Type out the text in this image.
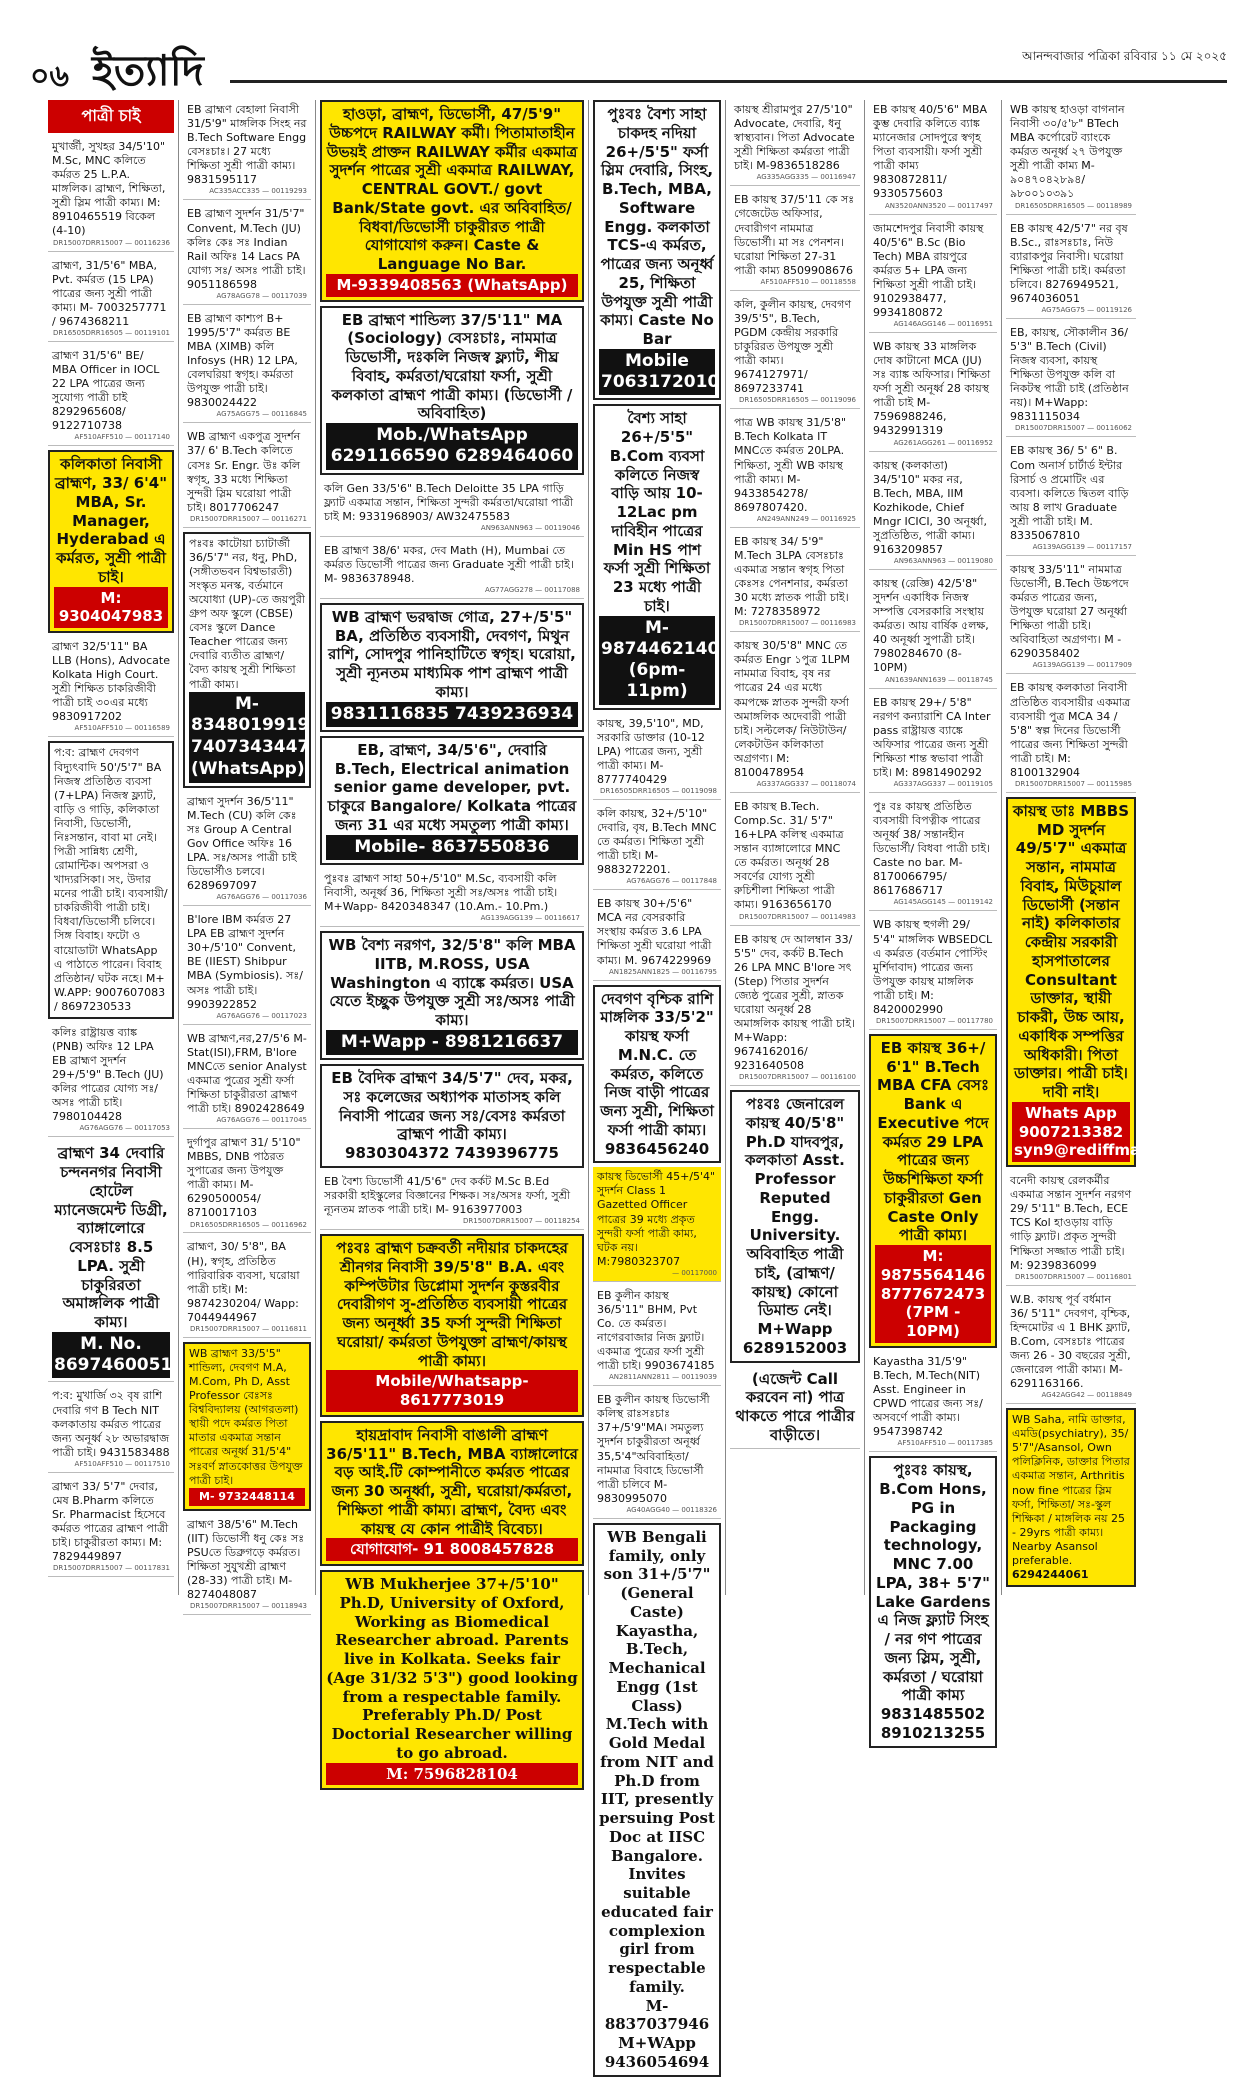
০৬ ইত্যাদি	আনন্দবাজার পত্রিকা রবিবার ১১ মে ২০২৫
পাত্রী চাই
মুখার্জী, সুখহর 34/5'10" M.Sc, MNC কলিতে কর্মরত 25 L.P.A. মাঙ্গলিক। ব্রাহ্মণ, শিক্ষিতা, সুশ্রী স্লিম পাত্রী কাম্য। M: 8910465519 বিকেল (4-10)
DR15007DRR15007 — 00116236
ব্রাহ্মণ, 31/5'6" MBA, Pvt. কর্মরত (15 LPA) পাত্রের জন্য সুশ্রী পাত্রী কাম্য। M- 7003257771 / 9674368211
DR16505DRR16505 — 00119101
ব্রাহ্মণ 31/5'6" BE/ MBA Officer in IOCL 22 LPA পাত্রের জন্য সুযোগ্য পাত্রী চাই 8292965608/ 9122710738
AF510AFF510 — 00117140
কলিকাতা নিবাসী ব্রাহ্মণ, 33/ 6'4" MBA, Sr. Manager, Hyderabad এ কর্মরত, সুশ্রী পাত্রী চাই।
M: 9304047983
ব্রাহ্মণ 32/5'11" BA LLB (Hons), Advocate Kolkata High Court. সুশ্রী শিক্ষিত চাকরিজীবী পাত্রী চাই ৩০এর মধ্যে 9830917202
AF510AFF510 — 00116589
প:ব: ব্রাহ্মণ দেবগণ বিদ্যুৎবাদি 50'/5'7" BA নিজস্ব প্রতিষ্ঠিত ব্যবসা (7+LPA) নিজস্ব ফ্ল্যাট, বাড়ি ও গাড়ি, কলিকাতা নিবাসী, ডিভোর্সী, নিঃসন্তান, বাবা মা নেই। পিত্রী সান্নিধ্য শ্রেণী, রোমান্টিক। অপসরা ও খাদ্যরসিকা। সং, উদার মনের পাত্রী চাই। ব্যবসায়ী/ চাকরিজীবী পাত্রী চাই। বিধবা/ডিভোর্সী চলিবে। সিঙ্গ বিবাহ। ফটো ও বায়োডাটা WhatsApp এ পাঠাতে পারেন। বিবাহ প্রতিষ্ঠান/ ঘটক নহে। M+ W.APP: 9007607083 / 8697230533
কলিঃ রাষ্ট্রায়ত্ত ব্যাঙ্ক (PNB) অফিঃ 12 LPA EB ব্রাহ্মণ সুদর্শন 29+/5'9" B.Tech (JU) কলির পাত্রের যোগ্য সঃ/অসঃ পাত্রী চাই। 7980104428
AG76AGG76 — 00117053
ব্রাহ্মণ 34 দেবারি চন্দননগর নিবাসী হোটেল ম্যানেজমেন্ট ডিগ্রী, ব্যাঙ্গালোরে বেসঃচাঃ 8.5 LPA. সুশ্রী চাকুরিরতা অমাঙ্গলিক পাত্রী কাম্য।
M. No. 8697460051
প:ব: মুখার্জি ৩২ বৃষ রাশি দেবারি গণ B Tech NIT কলকাতায় কর্মরত পাত্রের জন্য অনূর্ধ্ব ২৮ অভারদ্বাজ পাত্রী চাই। 9431583488
AF510AFF510 — 00117510
ব্রাহ্মণ 33/ 5'7" দেবার, মেষ B.Pharm কলিতে Sr. Pharmacist হিসেবে কর্মরত পাত্রের ব্রাহ্মণ পাত্রী চাই। চাকুরীরতা কাম্য। M: 7829449897
DR15007DRR15007 — 00117831
EB ব্রাহ্মণ বেহালা নিবাসী 31/5'9" মাঙ্গলিক সিংহ নর B.Tech Software Engg বেসঃচাঃ। 27 মধ্যে শিক্ষিতা সুশ্রী পাত্রী কাম্য। 9831595117
AC335ACC335 — 00119293
EB ব্রাহ্মণ সুদর্শন 31/5'7" Convent, M.Tech (JU) কলিঃ কেঃ সঃ Indian Rail অফিঃ 14 Lacs PA যোগ্য সঃ/ অসঃ পাত্রী চাই। 9051186598
AG78AGG78 — 00117039
EB ব্রাহ্মণ কাশ্যপ B+ 1995/5'7" কর্মরত BE MBA (XIMB) কলি Infosys (HR) 12 LPA, বেলঘরিয়া স্বগৃহ। কর্মরতা উপযুক্ত পাত্রী চাই। 9830024422
AG75AGG75 — 00116845
WB ব্রাহ্মণ একপুত্র সুদর্শন 37/ 6' B.Tech কলিতে বেসঃ Sr. Engr. উঃ কলি স্বগৃহ, 33 মধ্যে শিক্ষিতা সুন্দরী স্লিম ঘরোয়া পাত্রী চাই। 8017706247
DR15007DRR15007 — 00116271
পঃবঃ কাটোয়া চ্যাটার্জী 36/5'7" নর, ধনু, PhD, (সঙ্গীতভবন বিশ্বভারতী) সংস্কৃত মনস্ক, বর্তমানে অযোধ্যা (UP)-তে জয়পুরী গ্রুপ অফ স্কুলে (CBSE) বেসঃ স্কুলে Dance Teacher পাত্রের জন্য দেবারি ব্যতীত ব্রাহ্মণ/ বৈদ্য কায়স্থ সুশ্রী শিক্ষিতা পাত্রী কাম্য।
M-8348019919 7407343447 (WhatsApp)
ব্রাহ্মণ সুদর্শন 36/5'11" M.Tech (CU) কলি কেঃ সঃ Group A Central Gov Office অফিঃ 16 LPA. সঃ/অসঃ পাত্রী চাই ডিভোর্সীও চলবে। 6289697097
AG76AGG76 — 00117036
B'lore IBM কর্মরত 27 LPA EB ব্রাহ্মণ সুদর্শন 30+/5'10" Convent, BE (IIEST) Shibpur MBA (Symbiosis). সঃ/অসঃ পাত্রী চাই। 9903922852
AG76AGG76 — 00117023
WB ব্রাহ্মণ,নর,27/5'6 M-Stat(ISI),FRM, B'lore MNCতে senior Analyst একমাত্র পুত্রের সুশ্রী ফর্সা শিক্ষিতা চাকুরীরতা ব্রাহ্মণ পাত্রী চাই। 8902428649
AG76AGG76 — 00117045
দুর্গাপুর ব্রাহ্মণ 31/ 5'10" MBBS, DNB পাঠরত সুপাত্রের জন্য উপযুক্ত পাত্রী কাম্য। M- 6290500054/ 8710017103
DR16505DRR16505 — 00116962
ব্রাহ্মণ, 30/ 5'8", BA (H), স্বগৃহ, প্রতিষ্ঠিত পারিবারিক ব্যবসা, ঘরোয়া পাত্রী চাই। M: 9874230204/ Wapp: 7044944967
DR15007DRR15007 — 00116811
WB ব্রাহ্মণ 33/5'5" শান্ডিল্য, দেবগণ M.A, M.Com, Ph D, Asst Professor বেঃসঃ বিশ্ববিদ্যালয় (আগরতলা) স্থায়ী পদে কর্মরত পিতা মাতার একমাত্র সন্তান পাত্রের অনূর্ধ্ব 31/5'4" সঃবর্ণ স্নাতকোত্তর উপযুক্ত পাত্রী চাই।
M- 9732448114
ব্রাহ্মণ 38/5'6" M.Tech (IIT) ডিভোর্সী ধনু কেঃ সঃ PSUতে ডিব্রুগড়ে কর্মরত। শিক্ষিতা সুযুখশ্রী ব্রাহ্মণ (28-33) পাত্রী চাই। M- 8274048087
DR15007DRR15007 — 00118943
হাওড়া, ব্রাহ্মণ, ডিভোর্সী, 47/5'9" উচ্চপদে RAILWAY কর্মী। পিতামাতাহীন উভয়ই প্রাক্তন RAILWAY কর্মীর একমাত্র সুদর্শন পাত্রের সুশ্রী একমাত্র RAILWAY, CENTRAL GOVT./ govt Bank/State govt. এর অবিবাহিত/বিধবা/ডিভোর্সী চাকুরীরত পাত্রী যোগাযোগ করুন। Caste & Language No Bar.
M-9339408563 (WhatsApp)
EB ব্রাহ্মণ শান্ডিল্য 37/5'11" MA (Sociology) বেসঃচাঃ, নামমাত্র ডিভোর্সী, দঃকলি নিজস্ব ফ্ল্যাট, শীঘ্র বিবাহ, কর্মরতা/ঘরোয়া ফর্সা, সুশ্রী কলকাতা ব্রাহ্মণ পাত্রী কাম্য। (ডিভোর্সী / অবিবাহিত)
Mob./WhatsApp 6291166590 6289464060
কলি Gen 33/5'6" B.Tech Deloitte 35 LPA গাড়ি ফ্ল্যাট একমাত্র সন্তান, শিক্ষিতা সুন্দরী কর্মরতা/ঘরোয়া পাত্রী চাই M: 9331968903/ AW32475583
AN963ANN963 — 00119046
EB ব্রাহ্মণ 38/6' মকর, দেব Math (H), Mumbai তে কর্মরত ডিভোর্সী পাত্রের জন্য Graduate সুশ্রী পাত্রী চাই। M- 9836378948.
AG77AGG278 — 00117088
WB ব্রাহ্মণ ভরদ্বাজ গোত্র, 27+/5'5" BA, প্রতিষ্ঠিত ব্যবসায়ী, দেবগণ, মিথুন রাশি, সোদপুর পানিহাটিতে স্বগৃহ। ঘরোয়া, সুশ্রী ন্যূনতম মাধ্যমিক পাশ ব্রাহ্মণ পাত্রী কাম্য।
9831116835 7439236934
EB, ব্রাহ্মণ, 34/5'6", দেবারি B.Tech, Electrical animation senior game developer, pvt. চাকুরে Bangalore/ Kolkata পাত্রের জন্য 31 এর মধ্যে সমতুল্য পাত্রী কাম্য।
Mobile- 8637550836
পুঃবঃ ব্রাহ্মণ সাহা 50+/5'10" M.Sc, ব্যবসায়ী কলি নিবাসী, অনূর্ধ্ব 36, শিক্ষিতা সুশ্রী সঃ/অসঃ পাত্রী চাই। M+Wapp- 8420348347 (10.Am.- 10.Pm.)
AG139AGG139 — 00116617
WB বৈশ্য নরগণ, 32/5'8" কলি MBA IITB, M.ROSS, USA Washington এ ব্যাঙ্কে কর্মরত। USA যেতে ইচ্ছুক উপযুক্ত সুশ্রী সঃ/অসঃ পাত্রী কাম্য।
M+Wapp - 8981216637
EB বৈদিক ব্রাহ্মণ 34/5'7" দেব, মকর, সঃ কলেজের অধ্যাপক মাতাসহ কলি নিবাসী পাত্রের জন্য সঃ/বেসঃ কর্মরতা ব্রাহ্মণ পাত্রী কাম্য।
9830304372 7439396775
EB বৈশ্য ডিভোর্সী 41/5'6" দেব কর্কট M.Sc B.Ed সরকারী হাইস্কুলের বিজ্ঞানের শিক্ষক। সঃ/অসঃ ফর্সা, সুশ্রী ন্যূনতম স্নাতক পাত্রী চাই। M- 9163977003
DR15007DRR15007 — 00118254
পঃবঃ ব্রাহ্মণ চক্রবর্তী নদীয়ার চাকদহের শ্রীনগর নিবাসী 39/5'8" B.A. এবং কম্পিউটার ডিপ্লোমা সুদর্শন কুস্তরবীর দেবারীগণ সু-প্রতিষ্ঠিত ব্যবসায়ী পাত্রের জন্য অনূর্ধ্বা 35 ফর্সা সুন্দরী শিক্ষিতা ঘরোয়া/ কর্মরতা উপযুক্তা ব্রাহ্মণ/কায়স্থ পাত্রী কাম্য।
Mobile/Whatsapp-8617773019
হায়দ্রাবাদ নিবাসী বাঙালী ব্রাহ্মণ 36/5'11" B.Tech, MBA ব্যাঙ্গালোরে বড় আই.টি কোম্পানীতে কর্মরত পাত্রের জন্য 30 অনূর্ধ্বা, সুশ্রী, ঘরোয়া/কর্মরতা, শিক্ষিতা পাত্রী কাম্য। ব্রাহ্মণ, বৈদ্য এবং কায়স্থ যে কোন পাত্রীই বিবেচ্য।
যোগাযোগ- 91 8008457828
WB Mukherjee 37+/5'10" Ph.D, University of Oxford, Working as Biomedical Researcher abroad. Parents live in Kolkata. Seeks fair (Age 31/32 5'3") good looking from a respectable family. Preferably Ph.D/ Post Doctorial Researcher willing to go abroad.
M: 7596828104
পুঃবঃ বৈশ্য সাহা চাকদহ নদিয়া 26+/5'5" ফর্সা স্লিম দেবারি, সিংহ, B.Tech, MBA, Software Engg. কলকাতা TCS-এ কর্মরত, পাত্রের জন্য অনূর্ধ্ব 25, শিক্ষিতা উপযুক্ত সুশ্রী পাত্রী কাম্য। Caste No Bar
Mobile 7063172010
বৈশ্য সাহা 26+/5'5" B.Com ব্যবসা কলিতে নিজস্ব বাড়ি আয় 10-12Lac pm দাবিহীন পাত্রের Min HS পাশ ফর্সা সুশ্রী শিক্ষিতা 23 মধ্যে পাত্রী চাই।
M-9874462140 (6pm-11pm)
কায়স্থ, 39,5'10", MD, সরকারি ডাক্তার (10-12 LPA) পাত্রের জন্য, সুশ্রী পাত্রী কাম্য। M- 8777740429
DR16505DRR16505 — 00119098
কলি কায়স্থ, 32+/5'10" দেবারি, বৃষ, B.Tech MNC তে কর্মরত। শিক্ষিতা সুশ্রী পাত্রী চাই। M- 9883272201.
AG76AGG76 — 00117848
EB কায়স্থ 30+/5'6" MCA নর বেসরকারি সংস্থায় কর্মরত 3.6 LPA শিক্ষিতা সুশ্রী ঘরোয়া পাত্রী কাম্য। M. 9674229969
AN1825ANN1825 — 00116795
দেবগণ বৃশ্চিক রাশি মাঙ্গলিক 33/5'2" কায়স্থ ফর্সা M.N.C. তে কর্মরত, কলিতে নিজ বাড়ী পাত্রের জন্য সুশ্রী, শিক্ষিতা ফর্সা পাত্রী কাম্য।
9836456240
কায়স্থ ডিভোর্সী 45+/5'4" সুদর্শন Class 1 Gazetted Officer পাত্রের 39 মধ্যে প্রকৃত সুন্দরী ফর্সা পাত্রী কাম্য, ঘটক নয়। M:7980323707
— 00117000
EB কুলীন কায়স্থ 36/5'11" BHM, Pvt Co. তে কর্মরত। নাগেরবাজার নিজ ফ্ল্যাট। একমাত্র পুত্রের ফর্সা সুশ্রী পাত্রী চাই। 9903674185
AN2811ANN2811 — 00119039
EB কুলীন কায়স্থ ডিভোর্সী কলিস্থ রাঃসঃচাঃ 37+/5'9"MA। সমতুল্য সুদর্শন চাকুরীরতা অনূর্ধ্ব 35,5'4"অবিবাহিতা/ নামমাত্র বিবাহে ডিভোর্সী পাত্রী চলিবে M-9830995070
AG40AGG40 — 00118326
WB Bengali family, only son 31+/5'7" (General Caste) Kayastha, B.Tech, Mechanical Engg (1st Class) M.Tech with Gold Medal from NIT and Ph.D from IIT, presently persuing Post Doc at IISC Bangalore. Invites suitable educated fair complexion girl from respectable family.
M- 8837037946 M+WApp 9436054694
কায়স্থ শ্রীরামপুর 27/5'10" Advocate, দেবারি, ধনু স্বাস্থ্যবান। পিতা Advocate সুশ্রী শিক্ষিতা কর্মরতা পাত্রী চাই। M-9836518286
AG335AGG335 — 00116947
EB কায়স্থ 37/5'11 কে সঃ গেজেটেড অফিসার, দেবারীগণ নামমাত্র ডিভোর্সী। মা সঃ পেনশন। ঘরোয়া শিক্ষিতা 27-31 পাত্রী কাম্য 8509908676
AF510AFF510 — 00118558
কলি, কুলীন কায়স্থ, দেবগণ 39/5'5", B.Tech, PGDM কেন্দ্রীয় সরকারি চাকুরিরত উপযুক্ত সুশ্রী পাত্রী কাম্য। 9674127971/ 8697233741
DR16505DRR16505 — 00119096
পাত্র WB কায়স্থ 31/5'8" B.Tech Kolkata IT MNCতে কর্মরত 20LPA. শিক্ষিতা, সুশ্রী WB কায়স্থ পাত্রী কাম্য। M-9433854278/ 8697807420.
AN249ANN249 — 00116925
EB কায়স্থ 34/ 5'9" M.Tech 3LPA বেসঃচাঃ একমাত্র সন্তান স্বগৃহ পিতা কেঃসঃ পেনশনার, কর্মরতা 30 মধ্যে স্নাতক পাত্রী চাই। M: 7278358972
DR15007DRR15007 — 00116983
কায়স্থ 30/5'8" MNC তে কর্মরত Engr ১পুত্র 1LPM নামমাত্র বিবাহ, বৃষ নর পাত্রের 24 এর মধ্যে কমপক্ষে স্নাতক সুন্দরী ফর্সা অমাঙ্গলিক অদেবারী পাত্রী চাই। সল্টলেক/ নিউটাউন/ লেকটাউন কলিকাতা অগ্রগণ্য। M: 8100478954
AG337AGG337 — 00118074
EB কায়স্থ B.Tech. Comp.Sc. 31/ 5'7" 16+LPA কলিস্থ একমাত্র সন্তান ব্যাঙ্গালোরে MNC তে কর্মরত। অনূর্ধ্ব 28 সবর্ণের যোগ্য সুশ্রী রুচিশীলা শিক্ষিতা পাত্রী কাম্য। 9163656170
DR15007DRR15007 — 00114983
EB কায়স্থ দে আলম্বান 33/ 5'5" দেব, কর্কট B.Tech 26 LPA MNC B'lore সৎ (Step) পিতার সুদর্শন জ্যেষ্ঠ পুত্রের সুশ্রী, স্নাতক ঘরোয়া অনূর্ধ্ব 28 অমাঙ্গলিক কায়স্থ পাত্রী চাই। M+Wapp: 9674162016/ 9231640508
DR15007DRR15007 — 00116100
পঃবঃ জেনারেল কায়স্থ 40/5'8" Ph.D যাদবপুর, কলকাতা Asst. Professor Reputed Engg. University. অবিবাহিত পাত্রী চাই, (ব্রাহ্মণ/কায়স্থ) কোনো ডিমান্ড নেই।
M+Wapp 6289152003
(এজেন্ট Call করবেন না) পাত্র থাকতে পারে পাত্রীর বাড়ীতে।
EB কায়স্থ 40/5'6" MBA কুম্ভ দেবারি কলিতে ব্যাঙ্ক ম্যানেজার সোদপুরে স্বগৃহ পিতা ব্যবসায়ী। ফর্সা সুশ্রী পাত্রী কাম্য 9830872811/ 9330575603
AN3520ANN3520 — 00117497
জামশেদপুর নিবাসী কায়স্থ 40/5'6" B.Sc (Bio Tech) MBA রায়পুরে কর্মরত 5+ LPA জন্য শিক্ষিতা সুশ্রী পাত্রী চাই। 9102938477, 9934180872
AG146AGG146 — 00116951
WB কায়স্থ 33 মাঙ্গলিক দোষ কাটানো MCA (JU) সঃ ব্যাঙ্ক অফিসার। শিক্ষিতা ফর্সা সুশ্রী অনূর্ধ্ব 28 কায়স্থ পাত্রী চাই M-7596988246, 9432991319
AG261AGG261 — 00116952
কায়স্থ (কলকাতা) 34/5'10" মকর নর, B.Tech, MBA, IIM Kozhikode, Chief Mngr ICICI, 30 অনূর্ধ্বা, সুপ্রতিষ্ঠিত, পাত্রী কাম্য। 9163209857
AN963ANN963 — 00119080
কায়স্থ (রেজ্ঞি) 42/5'8" সুদর্শন একাধিক নিজস্ব সম্পত্তি বেসরকারি সংস্থায় কর্মরত। আয় বার্ষিক ৫লক্ষ, 40 অনূর্ধ্বা সুপাত্রী চাই। 7980284670 (8-10PM)
AN1639ANN1639 — 00118745
EB কায়স্থ 29+/ 5'8" নরগণ কন্যারাশি CA Inter pass রাষ্ট্রায়ত্ত ব্যাঙ্কে অফিসার পাত্রের জন্য সুশ্রী শিক্ষিতা শান্ত স্বভাবা পাত্রী চাই। M: 8981490292
AG337AGG337 — 00119105
পুঃ বঃ কায়স্থ প্রতিষ্ঠিত ব্যবসায়ী বিপত্নীক পাত্রের অনূর্ধ্ব 38/ সন্তানহীন ডিভোর্সী/ বিধবা পাত্রী চাই। Caste no bar. M-8170066795/ 8617686717
AG145AGG145 — 00119142
WB কায়স্থ হুগলী 29/ 5'4" মাঙ্গলিক WBSEDCL এ কর্মরত (বর্তমান পোস্টিং মুর্শিদাবাদ) পাত্রের জন্য উপযুক্ত কায়স্থ মাঙ্গলিক পাত্রী চাই। M: 8420002990
DR15007DRR15007 — 00117780
EB কায়স্থ 36+/ 6'1" B.Tech MBA CFA বেসঃ Bank এ Executive পদে কর্মরত 29 LPA পাত্রের জন্য উচ্চশিক্ষিতা ফর্সা চাকুরীরতা Gen Caste Only পাত্রী কাম্য।
M: 9875564146 8777672473 (7PM - 10PM)
Kayastha 31/5'9" B.Tech, M.Tech(NIT) Asst. Engineer in CPWD পাত্রের জন্য সঃ/অসবর্ণে পাত্রী কাম্য। 9547398742
AF510AFF510 — 00117385
পুঃবঃ কায়স্থ, B.Com Hons, PG in Packaging technology, MNC 7.00 LPA, 38+ 5'7" Lake Gardens এ নিজ ফ্ল্যাট সিংহ / নর গণ পাত্রের জন্য স্লিম, সুশ্রী, কর্মরতা / ঘরোয়া পাত্রী কাম্য
9831485502 8910213255
WB কায়স্থ হাওড়া বাগনান নিবাসী ৩০/৫'৮" BTech MBA কর্পোরেট ব্যাংকে কর্মরত অনূর্ধ্ব ২৭ উপযুক্ত সুশ্রী পাত্রী কাম্য M- ৯০৪৭০৪২৮৯৪/ ৯৮০০১০৩৯১
DR16505DRR16505 — 00118989
EB কায়স্থ 42/5'7" নর বৃষ B.Sc., রাঃসঃচাঃ, নিউ ব্যারাকপুর নিবাসী। ঘরোয়া শিক্ষিতা পাত্রী চাই। কর্মরতা চলিবে। 8276949521, 9674036051
AG75AGG75 — 00119126
EB, কায়স্থ, সৌকালীন 36/ 5'3" B.Tech (Civil) নিজস্ব ব্যবসা, কায়স্থ শিক্ষিতা উপযুক্ত কলি বা নিকটস্থ পাত্রী চাই (প্রতিষ্ঠান নয়)। M+Wapp: 9831115034
DR15007DRR15007 — 00116062
EB কায়স্থ 36/ 5' 6" B. Com অনার্স চার্টার্ড ইন্টার রিসার্চ ও প্রমোটিং এর ব্যবসা। কলিতে দ্বিতল বাড়ি আয় 8 লাখ Graduate সুশ্রী পাত্রী চাই। M. 8335067810
AG139AGG139 — 00117157
কায়স্থ 33/5'11" নামমাত্র ডিভোর্সী, B.Tech উচ্চপদে কর্মরত পাত্রের জন্য, উপযুক্ত ঘরোয়া 27 অনূর্ধ্বা শিক্ষিতা পাত্রী চাই। অবিবাহিতা অগ্রগণ্য। M - 6290358402
AG139AGG139 — 00117909
EB কায়স্থ কলকাতা নিবাসী প্রতিষ্ঠিত ব্যবসায়ীর একমাত্র ব্যবসায়ী পুত্র MCA 34 / 5'8" স্বল্প দিনের ডিভোর্সী পাত্রের জন্য শিক্ষিতা সুন্দরী পাত্রী চাই। M: 8100132904
DR15007DRR15007 — 00115985
কায়স্থ ডাঃ MBBS MD সুদর্শন 49/5'7" একমাত্র সন্তান, নামমাত্র বিবাহ, মিউচুয়াল ডিভোর্সী (সন্তান নাই) কলিকাতার কেন্দ্রীয় সরকারী হাসপাতালের Consultant ডাক্তার, স্থায়ী চাকরী, উচ্চ আয়, একাধিক সম্পত্তির অধিকারী। পিতা ডাক্তার। পাত্রী চাই। দাবী নাই।
Whats App 9007213382 syn9@rediffmail.com
বনেদী কায়স্থ রেলকর্মীর একমাত্র সন্তান সুদর্শন নরগণ 29/ 5'11" B.Tech, ECE TCS Kol হাওড়ায় বাড়ি গাড়ি ফ্ল্যাট। প্রকৃত সুন্দরী শিক্ষিতা সজ্জাত পাত্রী চাই। M: 9239836099
DR15007DRR15007 — 00116801
W.B. কায়স্থ পূর্ব বর্ধমান 36/ 5'11" দেবগণ, বৃশ্চিক, হিন্দমোটর এ 1 BHK ফ্ল্যাট, B.Com, বেসঃচাঃ পাত্রের জন্য 26 - 30 বছরের সুশ্রী, জেনারেল পাত্রী কাম্য। M- 6291163166.
AG42AGG42 — 00118849
WB Saha, নামি ডাক্তার, এমডি(psychiatry), 35/ 5'7"/Asansol, Own পলিক্লিনিক, ডাক্তার পিতার একমাত্র সন্তান, Arthritis now fine পাত্রের স্লিম ফর্সা, শিক্ষিতা/ সঃ-স্কুল শিক্ষিকা / মাঙ্গলিক নয় 25 - 29yrs পাত্রী কাম্য। Nearby Asansol preferable.
6294244061
